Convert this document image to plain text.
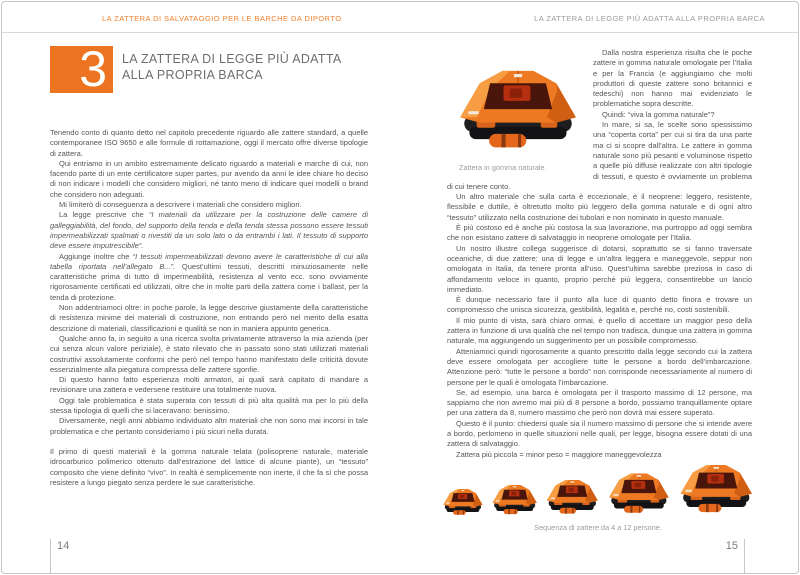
LA ZATTERA DI SALVATAGGIO PER LE BARCHE DA DIPORTO	LA ZATTERA DI LEGGE PIÙ ADATTA ALLA PROPRIA BARCA
3	LA ZATTERA DI LEGGE PIÙ ADATTA
ALLA PROPRIA BARCA

Tenendo conto di quanto detto nel capitolo precedente riguardo alle zattere standard, a quelle contemporanee ISO 9650 e alle formule di rottamazione, oggi il mercato offre diverse tipologie di zattera.

Qui entriamo in un ambito estremamente delicato riguardo a materiali e marche di cui, non facendo parte di un ente certificatore super partes, pur avendo da anni le idee chiare ho deciso di non indicare i modelli che considero migliori, né tanto meno di indicare quei modelli o brand che considero non adeguati.

Mi limiterò di conseguenza a descrivere i materiali che considero migliori.

La legge prescrive che “I materiali da utilizzare per la costruzione delle camere di galleggiabilità, del fondo, del supporto della tenda e della tenda stessa possono essere tessuti impermeabilizzati spalmati o rivestiti da un solo lato o da entrambi i lati. Il tessuto di supporto deve essere imputrescibile”.

Aggiunge inoltre che “I tessuti impermeabilizzati devono avere le caratteristiche di cui alla tabella riportata nell’allegato B...”. Quest’ultimi tessuti, descritti minuziosamente nelle caratteristiche prima di tutto di impermeabilità, resistenza al vento ecc. sono ovviamente rigorosamente certificati ed utilizzati, oltre che in molte parti della zattera come i ballast, per la tenda di protezione.

Non addentriamoci oltre: in poche parole, la legge descrive giustamente della caratteristiche di resistenza minime dei materiali di costruzione, non entrando però nel merito della esatta descrizione di materiali, classificazioni e qualità se non in maniera appunto generica.

Qualche anno fa, in seguito a una ricerca svolta privatamente attraverso la mia azienda (per cui senza alcun valore periziale), è stato rilevato che in passato sono stati utilizzati materiali costruttivi assolutamente conformi che però nel tempo hanno manifestato delle criticità dovute essenzialmente alla piegatura compressa delle zattere sgonfie.

Di questo hanno fatto esperienza molti armatori, ai quali sarà capitato di mandare a revisionare una zattera e vedersene restituire una totalmente nuova.

Oggi tale problematica è stata superata con tessuti di più alta qualità ma per lo più della stessa tipologia di quelli che si laceravano: benissimo.

Diversamente, negli anni abbiamo individuato altri materiali che non sono mai incorsi in tale problematica e che pertanto consideriamo i più sicuri nella durata.

Il primo di questi materiali è la gomma naturale telata (polisoprene naturale, materiale idrocarburico polimerico ottenuto dall’estrazione del lattice di alcune piante), un “tessuto” composito che viene definito “vivo”. In realtà è semplicemente non inerte, il che fa sì che possa resistere a lungo piegato senza perdere le sue caratteristiche.

14
Zattera in gomma naturale.

Dalla nostra esperienza risulta che le poche zattere in gomma naturale omologate per l’Italia e per la Francia (e aggiungiamo che molti produttori di queste zattere sono britannici e tedeschi) non hanno mai evidenziato le problematiche sopra descritte.

Quindi: “viva la gomma naturale”?

In mare, si sa, le scelte sono spessissimo una “coperta corta” per cui si tira da una parte ma ci si scopre dall’altra. Le zattere in gomma naturale sono più pesanti e voluminose rispetto a quelle più diffuse realizzate con altri tipologie di tessuti, e questo è ovviamente un problema di cui tenere conto.

Un altro materiale che sulla carta è eccezionale, è il neoprene: leggero, resistente, flessibile e duttile, è oltretutto molto più leggero della gomma naturale e di ogni altro “tessuto” utilizzato nella costruzione dei tubolari e non nominato in questo manuale.

È più costoso ed è anche più costosa la sua lavorazione, ma purtroppo ad oggi sembra che non esistano zattere di salvataggio in neoprene omologate per l’Italia.

Un nostro illustre collega suggerisce di dotarsi, soprattutto se si fanno traversate oceaniche, di due zattere: una di legge e un’altra leggera e maneggevole, seppur non omologata in Italia, da tenere pronta all’uso. Quest’ultima sarebbe preziosa in caso di affondamento veloce in quanto, proprio perché più leggera, consentirebbe un lancio immediato.

È dunque necessario fare il punto alla luce di quanto detto finora e trovare un compromesso che unisca sicurezza, gestibilità, legalità e, perché no, costi sostenibili.

Il mio punto di vista, sarà chiaro ormai, è quello di accettare un maggior peso della zattera in funzione di una qualità che nel tempo non tradisca, dunque una zattera in gomma naturale, ma aggiungendo un suggerimento per un possibile compromesso.

Atteniamoci quindi rigorosamente a quanto prescritto dalla legge secondo cui la zattera deve essere omologata per accogliere tutte le persone a bordo dell’imbarcazione. Attenzione però: “tutte le persone a bordo” non corrisponde necessariamente al numero di persone per le quali è omologata l’imbarcazione.

Se, ad esempio, una barca è omologata per il trasporto massimo di 12 persone, ma sappiamo che non avremo mai più di 8 persone a bordo, possiamo tranquillamente optare per una zattera da 8, numero massimo che però non dovrà mai essere superato.

Questo è il punto: chiedersi quale sia il numero massimo di persone che si intende avere a bordo, perlomeno in quelle situazioni nelle quali, per legge, bisogna essere dotati di una zattera di salvataggio.

Zattera più piccola = minor peso = maggiore maneggevolezza

Sequenza di zattere da 4 a 12 persone.
15
